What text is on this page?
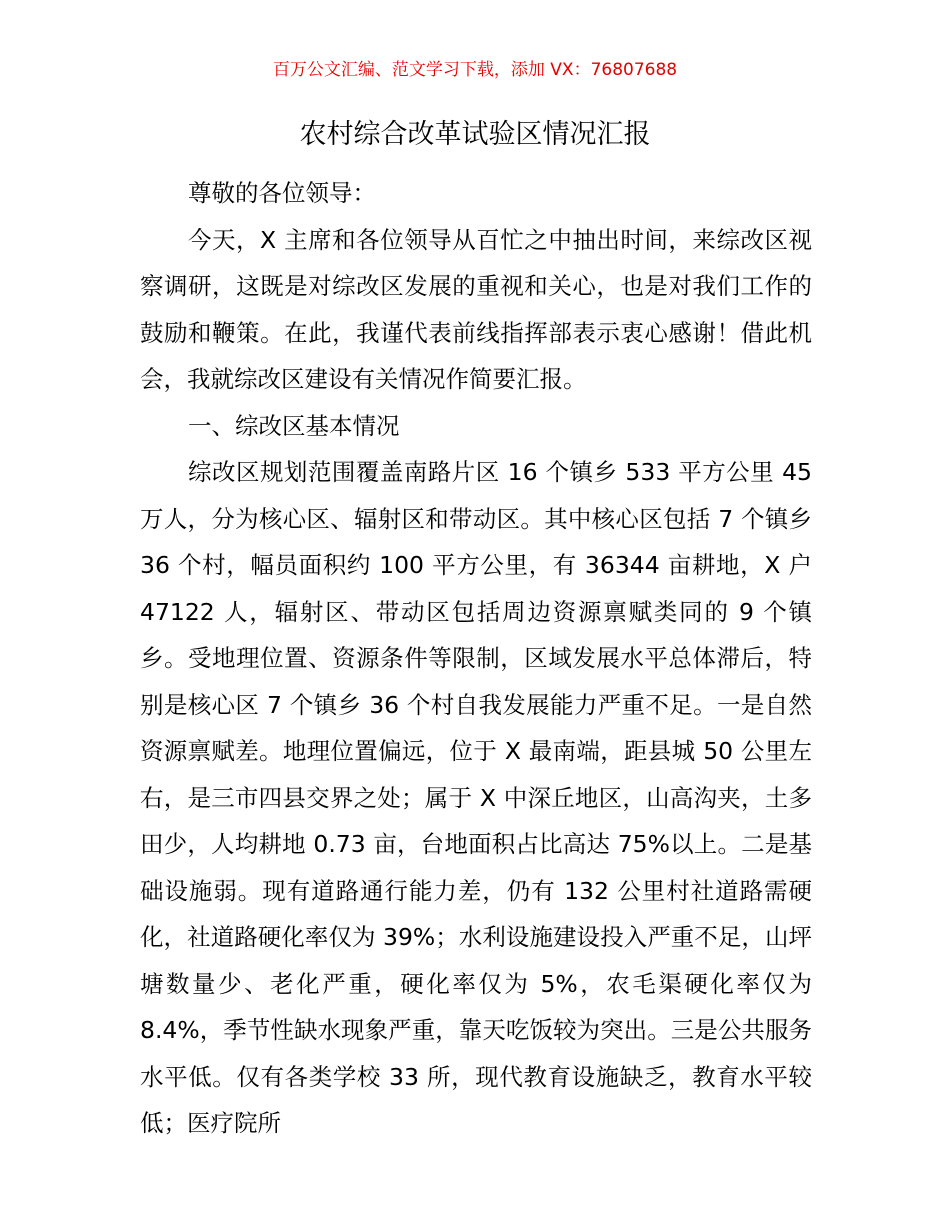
百万公文汇编、范文学习下载，添加 VX：76807688
农村综合改革试验区情况汇报

尊敬的各位领导：

今天，X 主席和各位领导从百忙之中抽出时间，来综改区视察调研，这既是对综改区发展的重视和关心，也是对我们工作的鼓励和鞭策。在此，我谨代表前线指挥部表示衷心感谢！借此机会，我就综改区建设有关情况作简要汇报。

一、综改区基本情况

综改区规划范围覆盖南路片区 16 个镇乡 533 平方公里 45 万人，分为核心区、辐射区和带动区。其中核心区包括 7 个镇乡 36 个村，幅员面积约 100 平方公里，有 36344 亩耕地，X 户 47122 人，辐射区、带动区包括周边资源禀赋类同的 9 个镇乡。受地理位置、资源条件等限制，区域发展水平总体滞后，特别是核心区 7 个镇乡 36 个村自我发展能力严重不足。一是自然资源禀赋差。地理位置偏远，位于 X 最南端，距县城 50 公里左右，是三市四县交界之处；属于 X 中深丘地区，山高沟夹，土多田少，人均耕地 0.73 亩，台地面积占比高达 75%以上。二是基础设施弱。现有道路通行能力差，仍有 132 公里村社道路需硬化，社道路硬化率仅为 39%；水利设施建设投入严重不足，山坪塘数量少、老化严重，硬化率仅为 5%，农毛渠硬化率仅为 8.4%，季节性缺水现象严重，靠天吃饭较为突出。三是公共服务水平低。仅有各类学校 33 所，现代教育设施缺乏，教育水平较低；医疗院所
